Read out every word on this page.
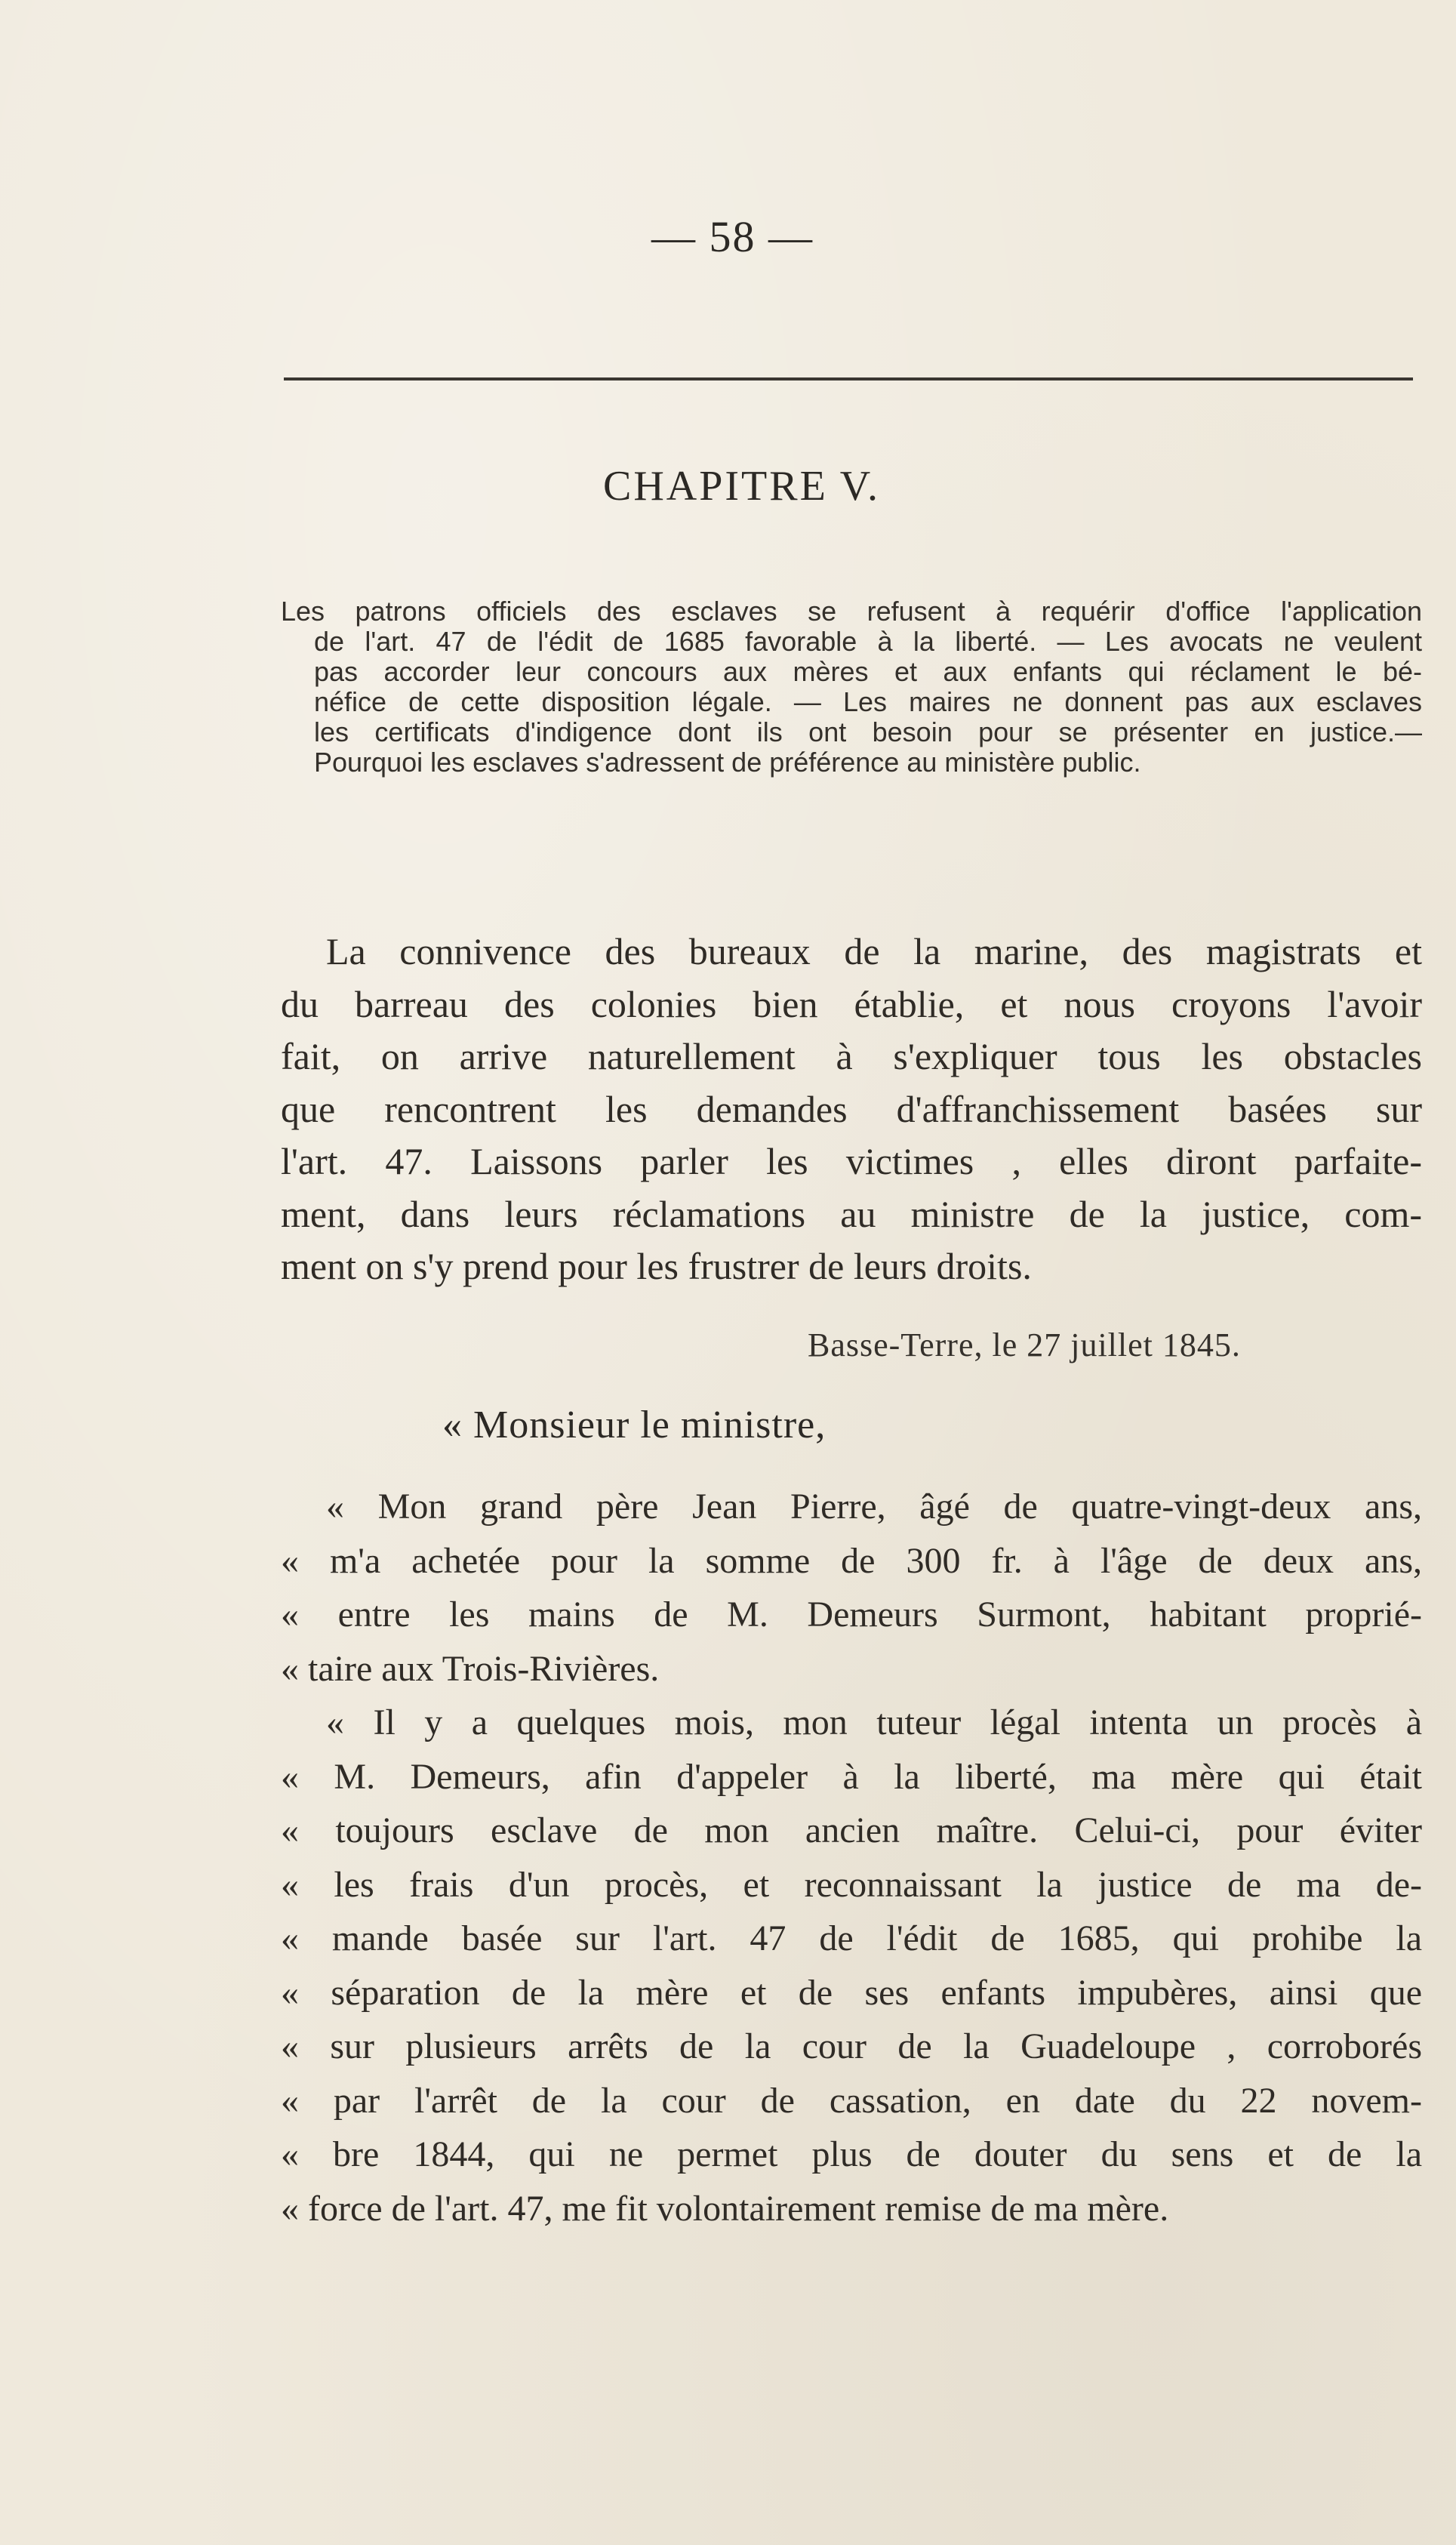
— 58 —
CHAPITRE V.
Les patrons officiels des esclaves se refusent à requérir d'office l'application
de l'art. 47 de l'édit de 1685 favorable à la liberté. — Les avocats ne veulent
pas accorder leur concours aux mères et aux enfants qui réclament le bé-
néfice de cette disposition légale. — Les maires ne donnent pas aux esclaves
les certificats d'indigence dont ils ont besoin pour se présenter en justice.—
Pourquoi les esclaves s'adressent de préférence au ministère public.
La connivence des bureaux de la marine, des magistrats et
du barreau des colonies bien établie, et nous croyons l'avoir
fait, on arrive naturellement à s'expliquer tous les obstacles
que rencontrent les demandes d'affranchissement basées sur
l'art. 47. Laissons parler les victimes , elles diront parfaite-
ment, dans leurs réclamations au ministre de la justice, com-
ment on s'y prend pour les frustrer de leurs droits.
Basse-Terre, le 27 juillet 1845.
« Monsieur le ministre,
« Mon grand père Jean Pierre, âgé de quatre-vingt-deux ans,
« m'a achetée pour la somme de 300 fr. à l'âge de deux ans,
« entre les mains de M. Demeurs Surmont, habitant proprié-
« taire aux Trois-Rivières.
« Il y a quelques mois, mon tuteur légal intenta un procès à
« M. Demeurs, afin d'appeler à la liberté, ma mère qui était
« toujours esclave de mon ancien maître. Celui-ci, pour éviter
« les frais d'un procès, et reconnaissant la justice de ma de-
« mande basée sur l'art. 47 de l'édit de 1685, qui prohibe la
« séparation de la mère et de ses enfants impubères, ainsi que
« sur plusieurs arrêts de la cour de la Guadeloupe , corroborés
« par l'arrêt de la cour de cassation, en date du 22 novem-
« bre 1844, qui ne permet plus de douter du sens et de la
« force de l'art. 47, me fit volontairement remise de ma mère.
